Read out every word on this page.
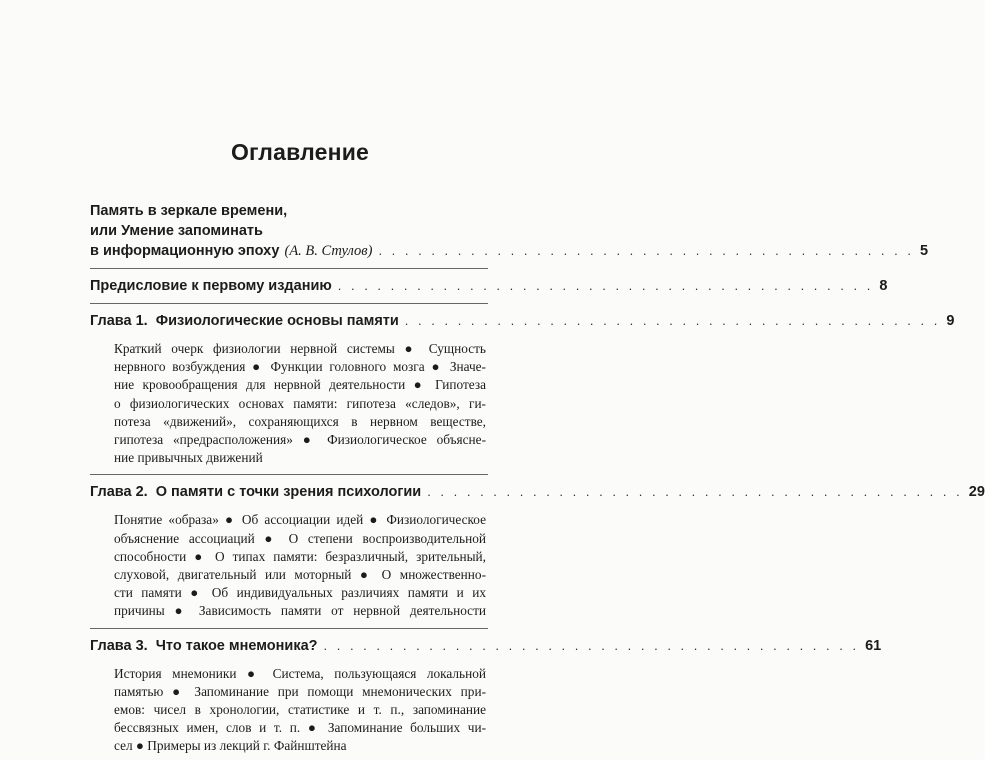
Оглавление
Память в зеркале времени,
или Умение запоминать
в информационную эпоху (А. В. Стулов) . . . . . . . . . . . . . . . . . . . . . . . . . . . . . . . . . . . . . . . . . 5
Предисловие к первому изданию . . . . . . . . . . . . . . . . . . . . . . . . . . . . . . . . . . . . . . . . . 8
Глава 1.  Физиологические основы памяти . . . . . . . . . . . . . . . . . . . . . . . . . . . . . . . . . . . . . . . . . 9
Краткий очерк физиологии нервной системы ● Сущность
нервного возбуждения ● Функции головного мозга ● Значе-
ние кровообращения для нервной деятельности ● Гипотеза
о физиологических основах памяти: гипотеза «следов», ги-
потеза «движений», сохраняющихся в нервном веществе,
гипотеза «предрасположения» ● Физиологическое объясне-
ние привычных движений
Глава 2.  О памяти с точки зрения психологии . . . . . . . . . . . . . . . . . . . . . . . . . . . . . . . . . . . . . . . . . 29
Понятие «образа» ● Об ассоциации идей ● Физиологическое
объяснение ассоциаций ● О степени воспроизводительной
способности ● О типах памяти: безразличный, зрительный,
слуховой, двигательный или моторный ● О множественно-
сти памяти ● Об индивидуальных различиях памяти и их
причины ● Зависимость памяти от нервной деятельности
Глава 3.  Что такое мнемоника? . . . . . . . . . . . . . . . . . . . . . . . . . . . . . . . . . . . . . . . . . 61
История мнемоники ● Система, пользующаяся локальной
памятью ● Запоминание при помощи мнемонических при-
емов: чисел в хронологии, статистике и т. п., запоминание
бессвязных имен, слов и т. п. ● Запоминание больших чи-
сел ● Примеры из лекций г. Файнштейна
